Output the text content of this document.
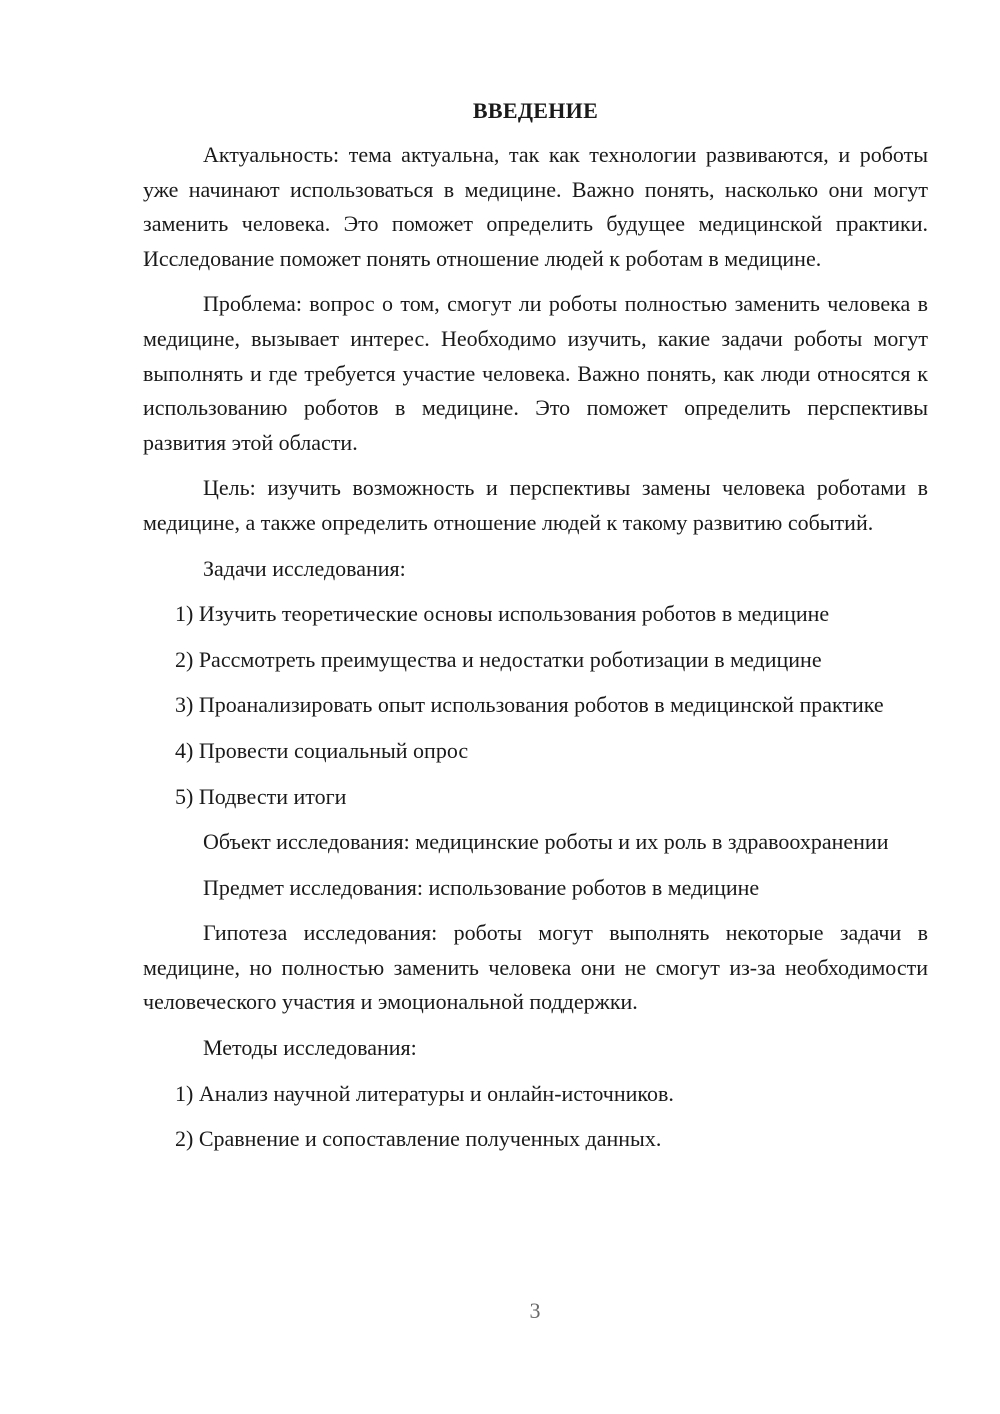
ВВЕДЕНИЕ

Актуальность: тема актуальна, так как технологии развиваются, и роботы уже начинают использоваться в медицине. Важно понять, насколько они могут заменить человека. Это поможет определить будущее медицинской практики. Исследование поможет понять отношение людей к роботам в медицине.

Проблема: вопрос о том, смогут ли роботы полностью заменить человека в медицине, вызывает интерес. Необходимо изучить, какие задачи роботы могут выполнять и где требуется участие человека. Важно понять, как люди относятся к использованию роботов в медицине. Это поможет определить перспективы развития этой области.

Цель: изучить возможность и перспективы замены человека роботами в медицине, а также определить отношение людей к такому развитию событий.

Задачи исследования:

1) Изучить теоретические основы использования роботов в медицине

2) Рассмотреть преимущества и недостатки роботизации в медицине

3) Проанализировать опыт использования роботов в медицинской практике

4) Провести социальный опрос

5) Подвести итоги

Объект исследования: медицинские роботы и их роль в здравоохранении

Предмет исследования: использование роботов в медицине

Гипотеза исследования: роботы могут выполнять некоторые задачи в медицине, но полностью заменить человека они не смогут из-за необходимости человеческого участия и эмоциональной поддержки.

Методы исследования:

1) Анализ научной литературы и онлайн-источников.

2) Сравнение и сопоставление полученных данных.

3
